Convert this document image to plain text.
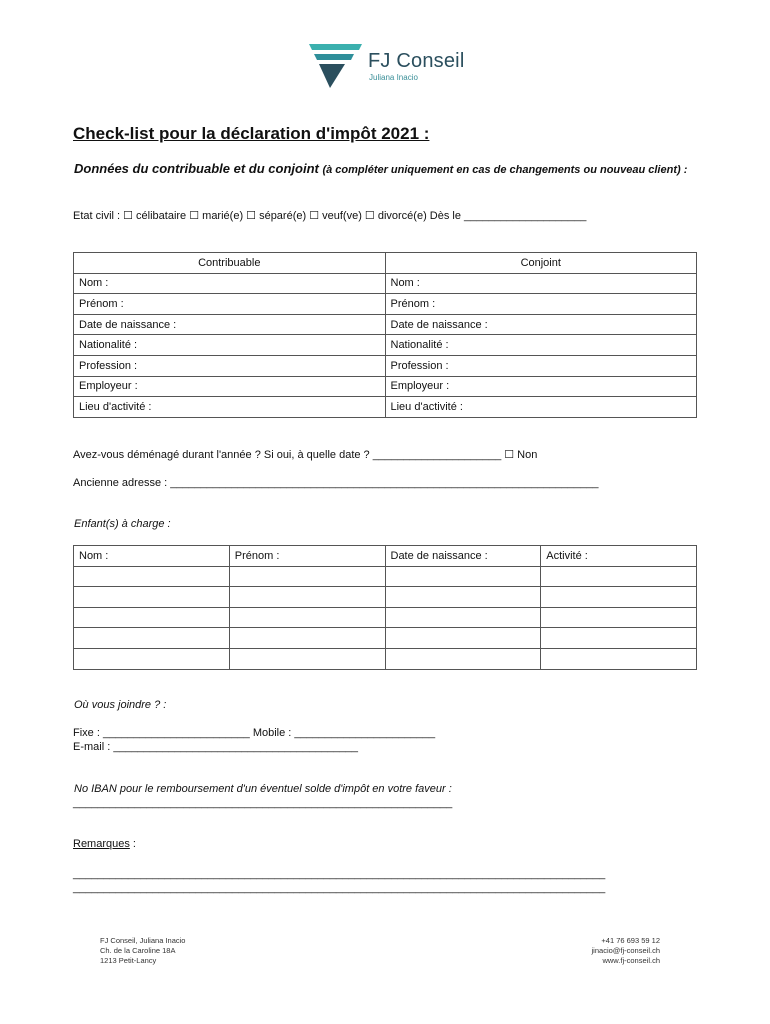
FJ Conseil
Juliana Inacio
Check-list pour la déclaration d'impôt 2021 :
Données du contribuable et du conjoint (à compléter uniquement en cas de changements ou nouveau client) :
Etat civil : ☐ célibataire ☐ marié(e) ☐ séparé(e) ☐ veuf(ve) ☐ divorcé(e) Dès le ____________________
Contribuable	Conjoint
Nom :	Nom :
Prénom :	Prénom :
Date de naissance :	Date de naissance :
Nationalité :	Nationalité :
Profession :	Profession :
Employeur :	Employeur :
Lieu d'activité :	Lieu d'activité :
Avez-vous déménagé durant l'année ? Si oui, à quelle date ? _____________________ ☐ Non
Ancienne adresse : ______________________________________________________________________
Enfant(s) à charge :
Nom :	Prénom :	Date de naissance :	Activité :

Où vous joindre ? :
Fixe : ________________________ Mobile : _______________________
E-mail : ________________________________________
No IBAN pour le remboursement d'un éventuel solde d'impôt en votre faveur :
______________________________________________________________
Remarques :
_______________________________________________________________________________________
_______________________________________________________________________________________
FJ Conseil, Juliana Inacio
Ch. de la Caroline 18A
1213 Petit-Lancy
+41 76 693 59 12
jinacio@fj-conseil.ch
www.fj-conseil.ch
